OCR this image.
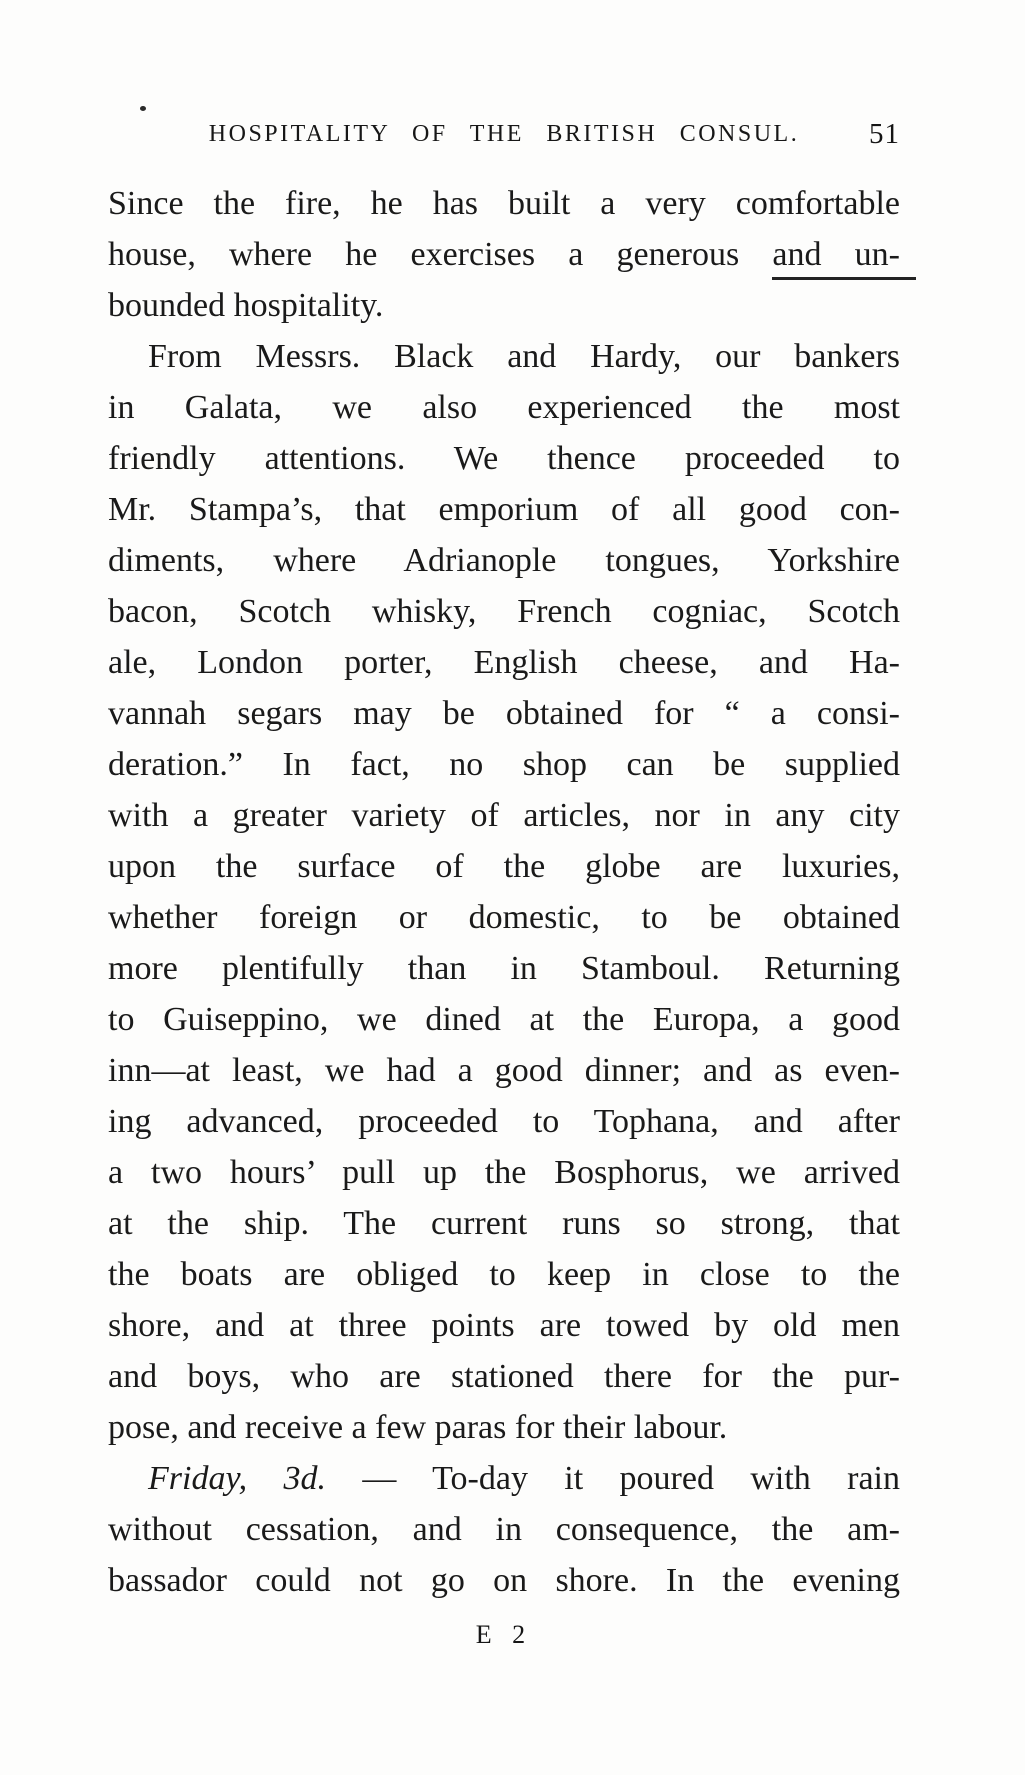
HOSPITALITY OF THE BRITISH CONSUL. 51
Since the fire, he has built a very comfortable
house, where he exercises a generous and un-
bounded hospitality.
From Messrs. Black and Hardy, our bankers
in Galata, we also experienced the most
friendly attentions. We thence proceeded to
Mr. Stampa’s, that emporium of all good con-
diments, where Adrianople tongues, Yorkshire
bacon, Scotch whisky, French cogniac, Scotch
ale, London porter, English cheese, and Ha-
vannah segars may be obtained for “ a consi-
deration.” In fact, no shop can be supplied
with a greater variety of articles, nor in any city
upon the surface of the globe are luxuries,
whether foreign or domestic, to be obtained
more plentifully than in Stamboul. Returning
to Guiseppino, we dined at the Europa, a good
inn—at least, we had a good dinner; and as even-
ing advanced, proceeded to Tophana, and after
a two hours’ pull up the Bosphorus, we arrived
at the ship. The current runs so strong, that
the boats are obliged to keep in close to the
shore, and at three points are towed by old men
and boys, who are stationed there for the pur-
pose, and receive a few paras for their labour.
Friday, 3d. — To-day it poured with rain
without cessation, and in consequence, the am-
bassador could not go on shore. In the evening
E 2
